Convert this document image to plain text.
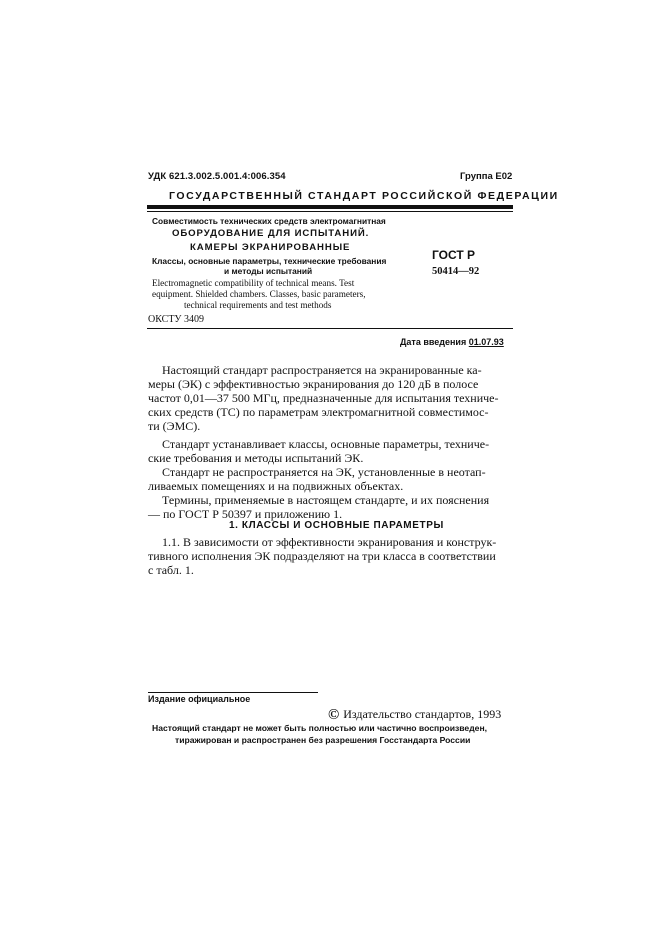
УДК 621.3.002.5.001.4:006.354	Группа Е02
ГОСУДАРСТВЕННЫЙ СТАНДАРТ РОССИЙСКОЙ ФЕДЕРАЦИИ
Совместимость технических средств электромагнитная
ОБОРУДОВАНИЕ ДЛЯ ИСПЫТАНИЙ.
КАМЕРЫ ЭКРАНИРОВАННЫЕ
Классы, основные параметры, технические требования
и методы испытаний
Electromagnetic compatibility of technical means. Test
equipment. Shielded chambers. Classes, basic parameters,
technical requirements and test methods
ОКСТУ 3409
ГОСТ Р
50414—92
Дата введения 01.07.93
Настоящий стандарт распространяется на экранированные ка-
меры (ЭК) с эффективностью экранирования до 120 дБ в полосе
частот 0,01—37 500 МГц, предназначенные для испытания техниче-
ских средств (ТС) по параметрам электромагнитной совместимос-
ти (ЭМС).
Стандарт устанавливает классы, основные параметры, техниче-
ские требования и методы испытаний ЭК.
Стандарт не распространяется на ЭК, установленные в неотап-
ливаемых помещениях и на подвижных объектах.
Термины, применяемые в настоящем стандарте, и их пояснения
— по ГОСТ Р 50397 и приложению 1.
1. КЛАССЫ И ОСНОВНЫЕ ПАРАМЕТРЫ
1.1. В зависимости от эффективности экранирования и конструк-
тивного исполнения ЭК подразделяют на три класса в соответствии
с табл. 1.
Издание официальное
© Издательство стандартов, 1993
Настоящий стандарт не может быть полностью или частично воспроизведен,
тиражирован и распространен без разрешения Госстандарта России
